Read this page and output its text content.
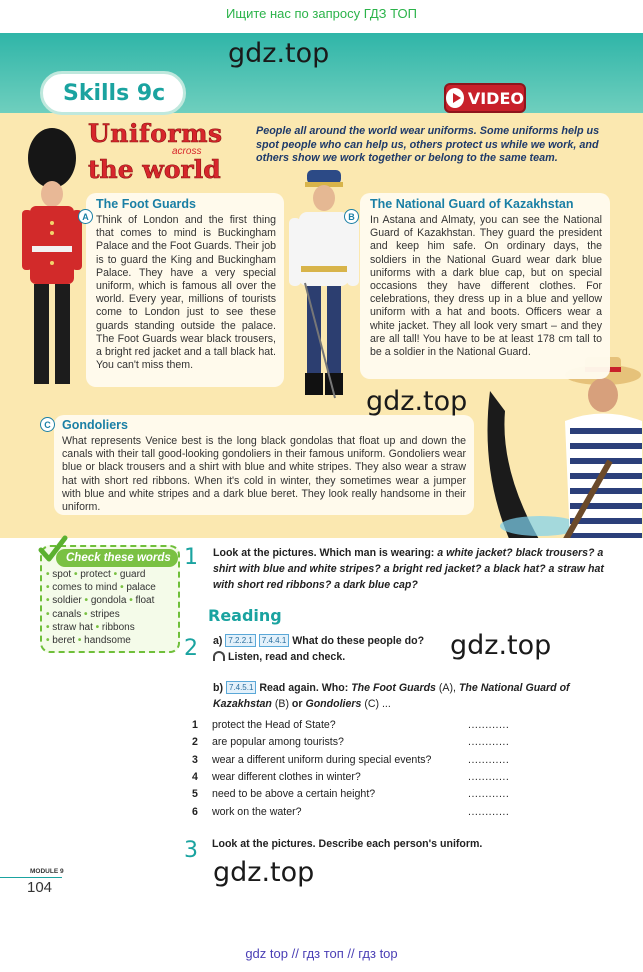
Ищите нас по запросу ГДЗ ТОП
Skills 9c	VIDEO
Uniforms
across
the world
People all around the world wear uniforms. Some uniforms help us spot people who can help us, others protect us while we work, and others show we work together or belong to the same team.
The Foot Guards
Think of London and the first thing that comes to mind is Buckingham Palace and the Foot Guards. Their job is to guard the King and Buckingham Palace. They have a very special uniform, which is famous all over the world. Every year, millions of tourists come to London just to see these guards standing outside the palace. The Foot Guards wear black trousers, a bright red jacket and a tall black hat. You can't miss them.
A
The National Guard of Kazakhstan
In Astana and Almaty, you can see the National Guard of Kazakhstan. They guard the president and keep him safe. On ordinary days, the soldiers in the National Guard wear dark blue uniforms with a dark blue cap, but on special occasions they have different clothes. For celebrations, they dress up in a blue and yellow uniform with a hat and boots. Officers wear a white jacket. They all look very smart – and they are all tall! You have to be at least 178 cm tall to be a soldier in the National Guard.
B
Gondoliers
What represents Venice best is the long black gondolas that float up and down the canals with their tall good-looking gondoliers in their famous uniform. Gondoliers wear blue or black trousers and a shirt with blue and white stripes. They also wear a straw hat with short red ribbons. When it's cold in winter, they sometimes wear a jumper with blue and white stripes and a dark blue beret. They look really handsome in their uniform.
C
gdz.top
gdz.top
gdz.top
gdz.top
Check these words
• spot • protect • guard
• comes to mind • palace
• soldier • gondola • float
• canals • stripes
• straw hat • ribbons
• beret • handsome
1 Look at the pictures. Which man is wearing: a white jacket? black trousers? a shirt with blue and white stripes? a bright red jacket? a black hat? a straw hat with short red ribbons? a dark blue cap?
Reading
2 a) 7.2.2.1 7.4.4.1 What do these people do?
Listen, read and check.
b) 7.4.5.1 Read again. Who: The Foot Guards (A), The National Guard of Kazakhstan (B) or Gondoliers (C) ...
1 protect the Head of State?	............
2 are popular among tourists?	............
3 wear a different uniform during special events?	............
4 wear different clothes in winter?	............
5 need to be above a certain height?	............
6 work on the water?	............
3 Look at the pictures. Describe each person's uniform.
MODULE 9
104
gdz top // гдз топ // гдз top
